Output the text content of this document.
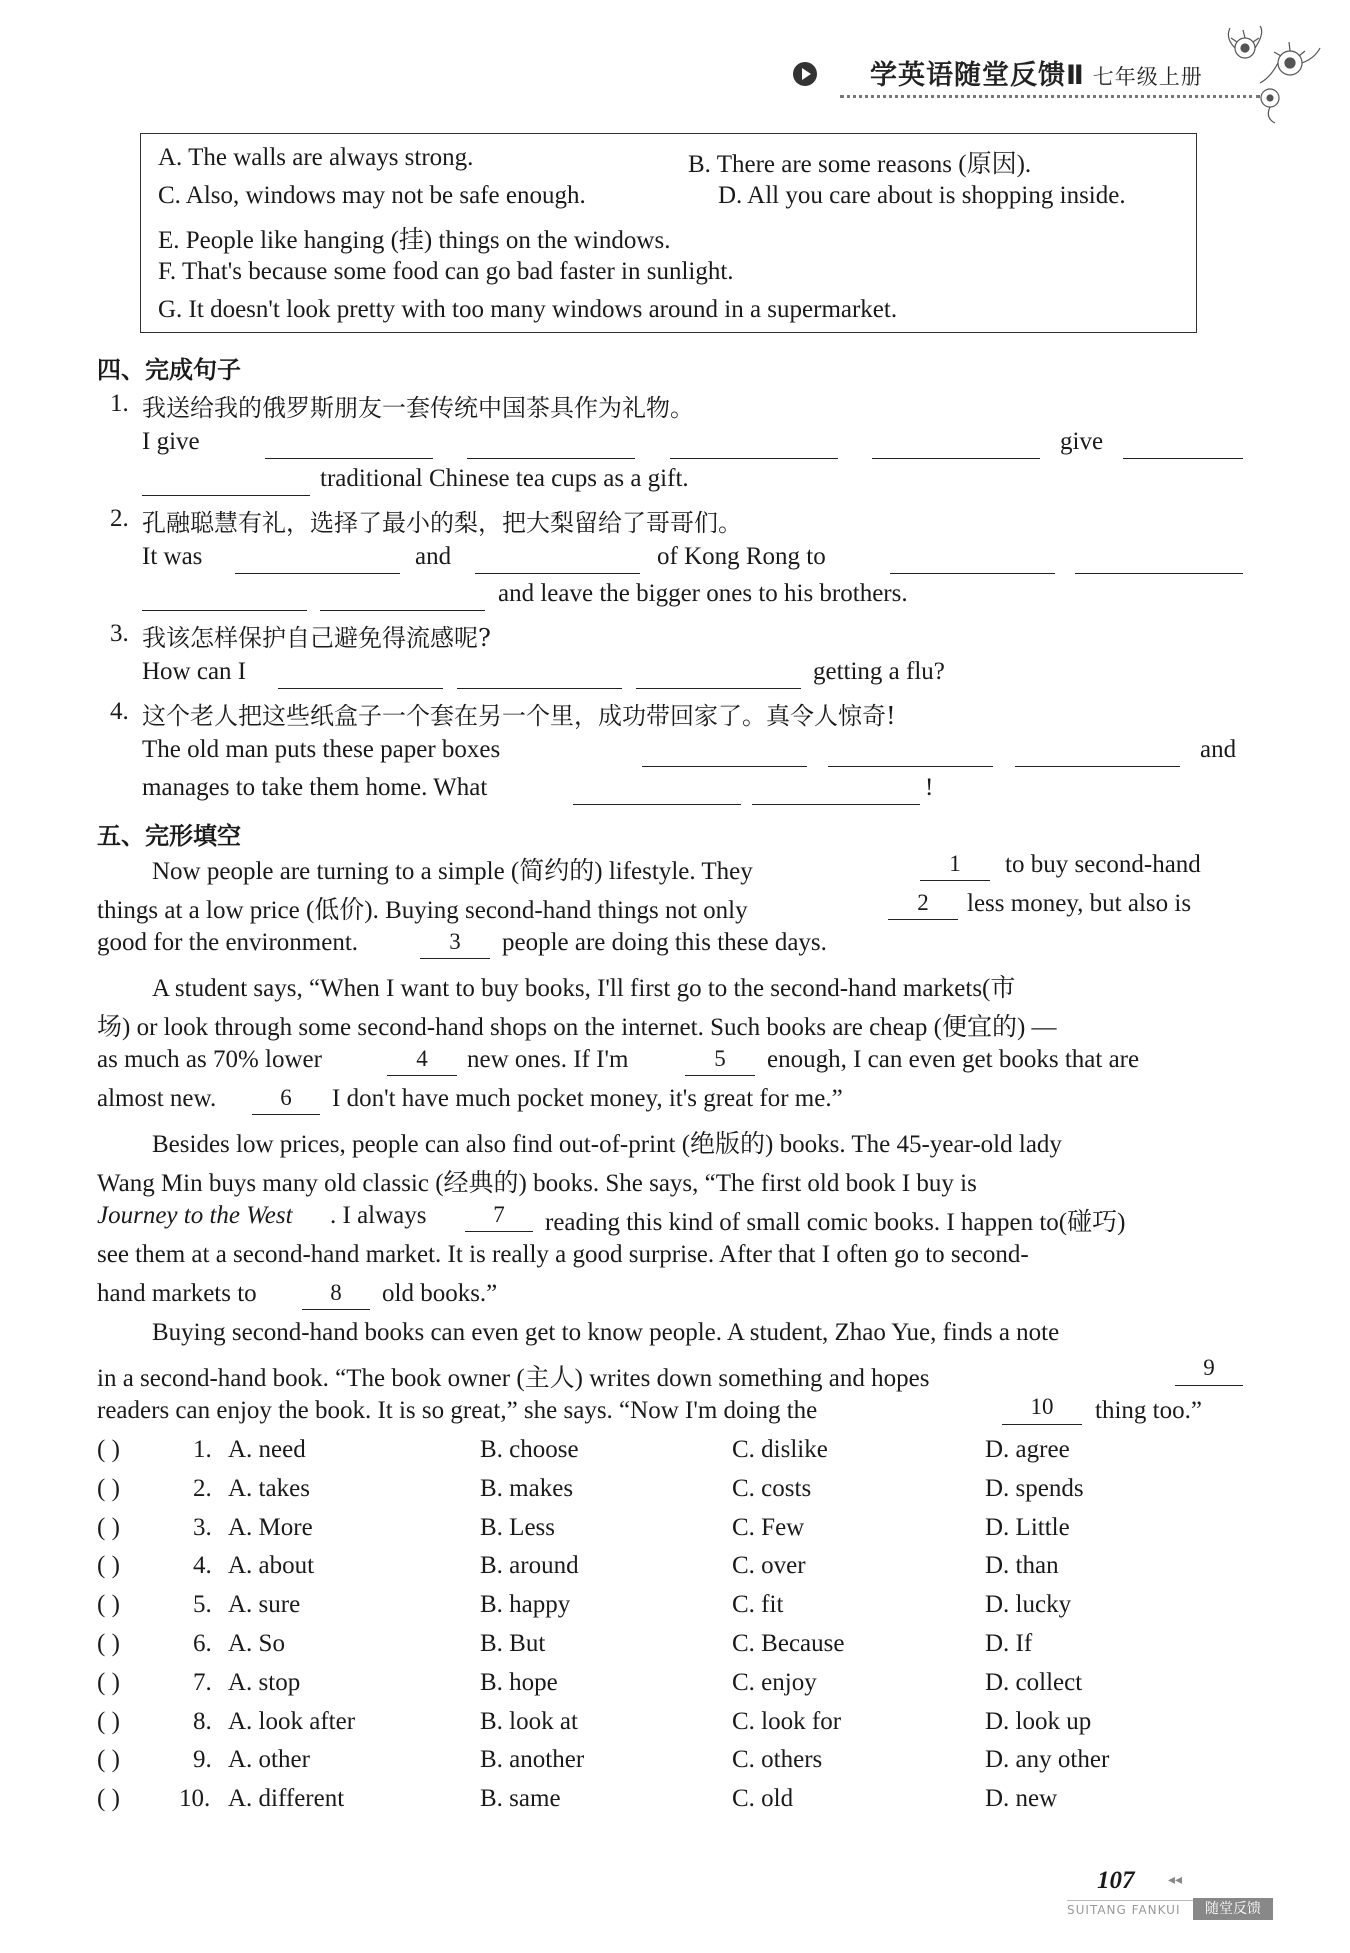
学英语随堂反馈Ⅱ 七年级上册
A. The walls are always strong.	B. There are some reasons (原因).
C. Also, windows may not be safe enough.	D. All you care about is shopping inside.
E. People like hanging (挂) things on the windows.
F. That's because some food can go bad faster in sunlight.
G. It doesn't look pretty with too many windows around in a supermarket.
四、完成句子
1. 我送给我的俄罗斯朋友一套传统中国茶具作为礼物。
I give	give
traditional Chinese tea cups as a gift.
2. 孔融聪慧有礼，选择了最小的梨，把大梨留给了哥哥们。
It was	and	of Kong Rong to
and leave the bigger ones to his brothers.
3. 我该怎样保护自己避免得流感呢?
How can I	getting a flu?
4. 这个老人把这些纸盒子一个套在另一个里，成功带回家了。真令人惊奇!
The old man puts these paper boxes	and
manages to take them home. What	!
五、完形填空
Now people are turning to a simple (简约的) lifestyle. They	1	to buy second-hand
things at a low price (低价). Buying second-hand things not only	2	less money, but also is
good for the environment.	3	people are doing this these days.
A student says, “When I want to buy books, I'll first go to the second-hand markets(市
场) or look through some second-hand shops on the internet. Such books are cheap (便宜的) —
as much as 70% lower	4	new ones. If I'm	5	enough, I can even get books that are
almost new.	6	I don't have much pocket money, it's great for me.”
Besides low prices, people can also find out-of-print (绝版的) books. The 45-year-old lady
Wang Min buys many old classic (经典的) books. She says, “The first old book I buy is
Journey to the West . I always	7	reading this kind of small comic books. I happen to(碰巧)
see them at a second-hand market. It is really a good surprise. After that I often go to second-
hand markets to	8	old books.”
Buying second-hand books can even get to know people. A student, Zhao Yue, finds a note
in a second-hand book. “The book owner (主人) writes down something and hopes	9
readers can enjoy the book. It is so great,” she says. “Now I'm doing the	10	thing too.”
( )	1. A. need	B. choose	C. dislike	D. agree
( )	2. A. takes	B. makes	C. costs	D. spends
( )	3. A. More	B. Less	C. Few	D. Little
( )	4. A. about	B. around	C. over	D. than
( )	5. A. sure	B. happy	C. fit	D. lucky
( )	6. A. So	B. But	C. Because	D. If
( )	7. A. stop	B. hope	C. enjoy	D. collect
( )	8. A. look after	B. look at	C. look for	D. look up
( )	9. A. other	B. another	C. others	D. any other
( ) 10. A. different	B. same	C. old	D. new
107 ◂◂
SUITANG FANKUI	随堂反馈
